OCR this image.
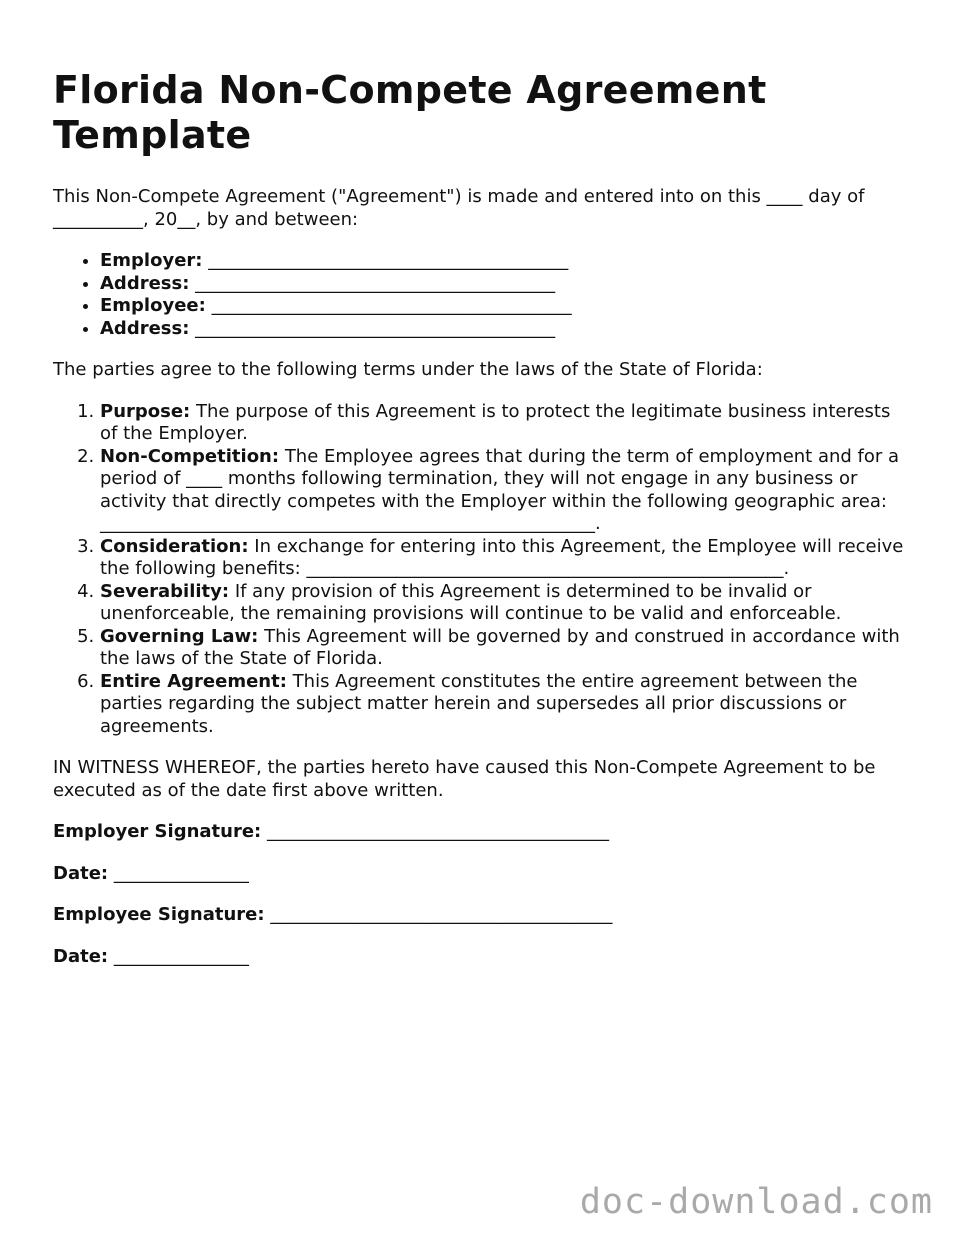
Florida Non-Compete Agreement Template

This Non-Compete Agreement ("Agreement") is made and entered into on this ____ day of __________, 20__, by and between:

• Employer: ________________________________________
• Address: ________________________________________
• Employee: ________________________________________
• Address: ________________________________________

The parties agree to the following terms under the laws of the State of Florida:

1. Purpose: The purpose of this Agreement is to protect the legitimate business interests of the Employer.
2. Non-Competition: The Employee agrees that during the term of employment and for a period of ____ months following termination, they will not engage in any business or activity that directly competes with the Employer within the following geographic area: _______________________________________________________.
3. Consideration: In exchange for entering into this Agreement, the Employee will receive the following benefits: _____________________________________________________.
4. Severability: If any provision of this Agreement is determined to be invalid or unenforceable, the remaining provisions will continue to be valid and enforceable.
5. Governing Law: This Agreement will be governed by and construed in accordance with the laws of the State of Florida.
6. Entire Agreement: This Agreement constitutes the entire agreement between the parties regarding the subject matter herein and supersedes all prior discussions or agreements.

IN WITNESS WHEREOF, the parties hereto have caused this Non-Compete Agreement to be executed as of the date first above written.

Employer Signature: ______________________________________
Date: _______________
Employee Signature: ______________________________________
Date: _______________
doc-download.com
